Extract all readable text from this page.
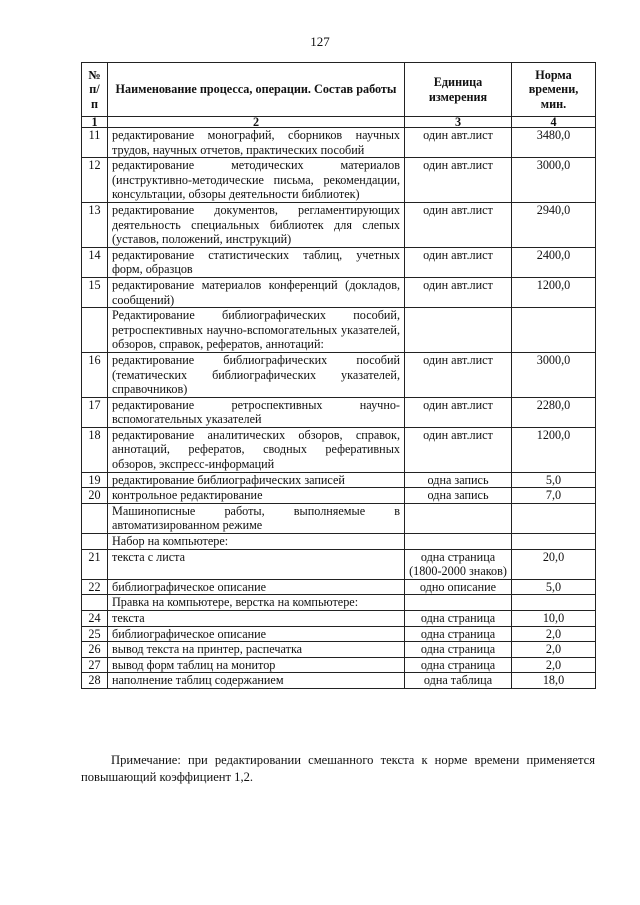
127
№ п/п	Наименование процесса, операции. Состав работы	Единица измерения	Норма времени, мин.
1	2	3	4
11	редактирование монографий, сборников научных трудов, научных отчетов, практических пособий	один авт.лист	3480,0
12	редактирование методических материалов (инструктивно-методические письма, рекомендации, консультации, обзоры деятельности библиотек)	один авт.лист	3000,0
13	редактирование документов, регламентирующих деятельность специальных библиотек для слепых (уставов, положений, инструкций)	один авт.лист	2940,0
14	редактирование статистических таблиц, учетных форм, образцов	один авт.лист	2400,0
15	редактирование материалов конференций (докладов, сообщений)	один авт.лист	1200,0
	Редактирование библиографических пособий, ретроспективных научно-вспомогательных указателей, обзоров, справок, рефератов, аннотаций:		
16	редактирование библиографических пособий (тематических библиографических указателей, справочников)	один авт.лист	3000,0
17	редактирование ретроспективных научно-вспомогательных указателей	один авт.лист	2280,0
18	редактирование аналитических обзоров, справок, аннотаций, рефератов, сводных реферативных обзоров, экспресс-информаций	один авт.лист	1200,0
19	редактирование библиографических записей	одна запись	5,0
20	контрольное редактирование	одна запись	7,0
	Машинописные работы, выполняемые в автоматизированном режиме		
	Набор на компьютере:		
21	текста с листа	одна страница (1800-2000 знаков)	20,0
22	библиографическое описание	одно описание	5,0
	Правка на компьютере, верстка на компьютере:		
24	текста	одна страница	10,0
25	библиографическое описание	одна страница	2,0
26	вывод текста на принтер, распечатка	одна страница	2,0
27	вывод форм таблиц на монитор	одна страница	2,0
28	наполнение таблиц содержанием	одна таблица	18,0
Примечание: при редактировании смешанного текста к норме времени применяется повышающий коэффициент 1,2.
